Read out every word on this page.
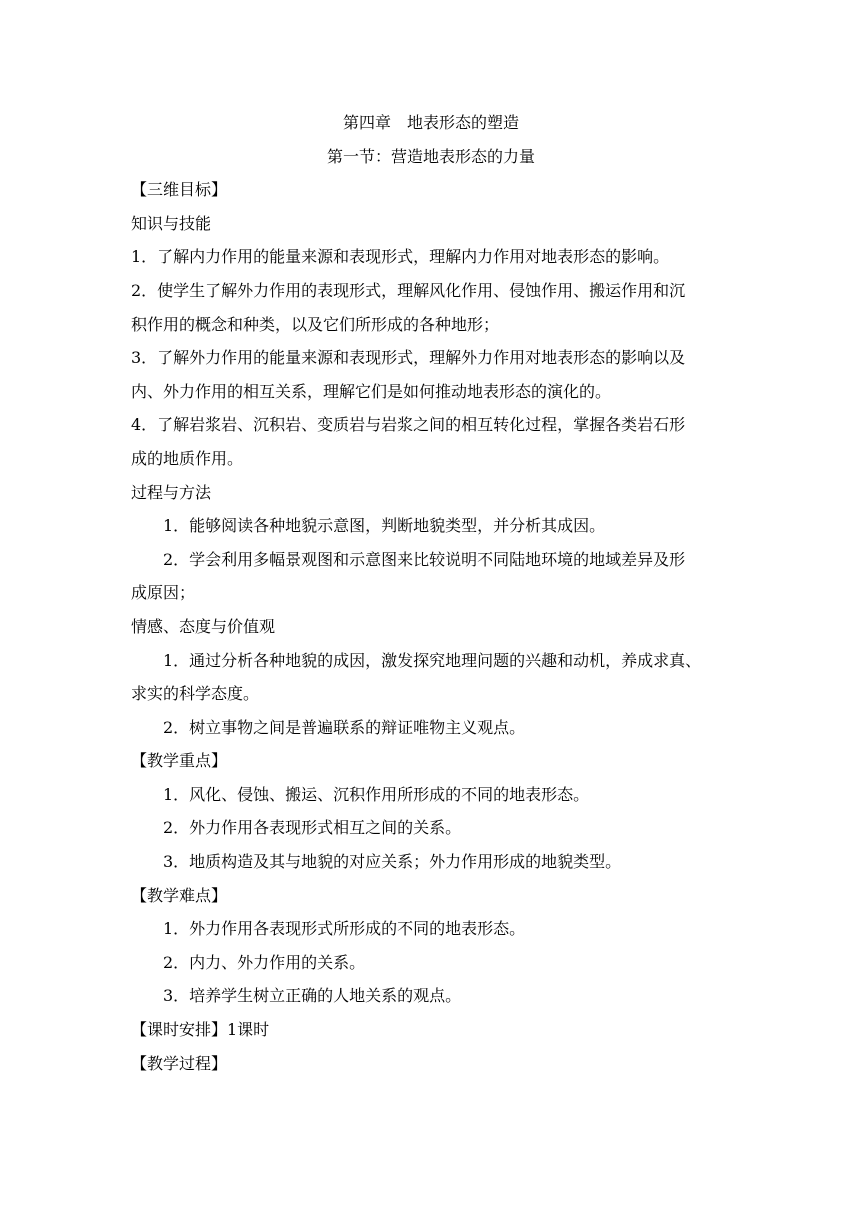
第四章　地表形态的塑造
第一节：营造地表形态的力量
【三维目标】
知识与技能
1．了解内力作用的能量来源和表现形式，理解内力作用对地表形态的影响。
2．使学生了解外力作用的表现形式，理解风化作用、侵蚀作用、搬运作用和沉
积作用的概念和种类，以及它们所形成的各种地形；
3．了解外力作用的能量来源和表现形式，理解外力作用对地表形态的影响以及
内、外力作用的相互关系，理解它们是如何推动地表形态的演化的。
4．了解岩浆岩、沉积岩、变质岩与岩浆之间的相互转化过程，掌握各类岩石形
成的地质作用。
过程与方法
1．能够阅读各种地貌示意图，判断地貌类型，并分析其成因。
2．学会利用多幅景观图和示意图来比较说明不同陆地环境的地域差异及形
成原因；
情感、态度与价值观
1．通过分析各种地貌的成因，激发探究地理问题的兴趣和动机，养成求真、
求实的科学态度。
2．树立事物之间是普遍联系的辩证唯物主义观点。
【教学重点】
1．风化、侵蚀、搬运、沉积作用所形成的不同的地表形态。
2．外力作用各表现形式相互之间的关系。
3．地质构造及其与地貌的对应关系；外力作用形成的地貌类型。
【教学难点】
1．外力作用各表现形式所形成的不同的地表形态。
2．内力、外力作用的关系。
3．培养学生树立正确的人地关系的观点。
【课时安排】1课时
【教学过程】
